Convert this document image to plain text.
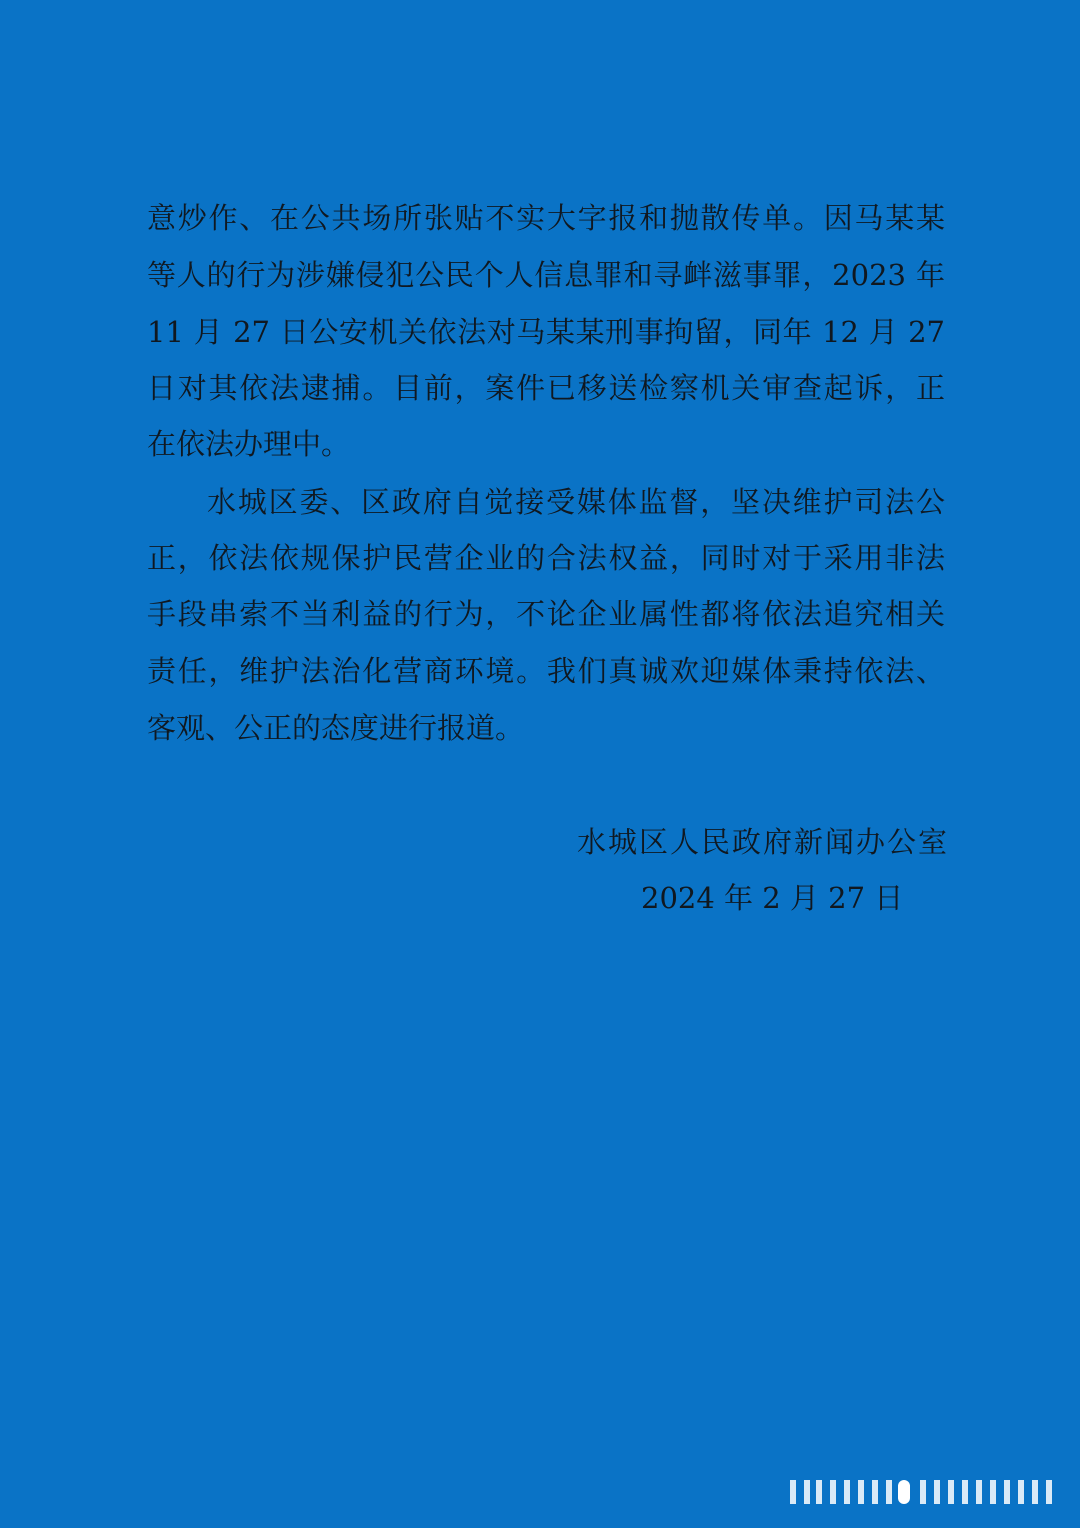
意炒作、在公共场所张贴不实大字报和抛散传单。因马某某
等人的行为涉嫌侵犯公民个人信息罪和寻衅滋事罪，2023 年
11 月 27 日公安机关依法对马某某刑事拘留，同年 12 月 27
日对其依法逮捕。目前，案件已移送检察机关审查起诉，正
在依法办理中。
水城区委、区政府自觉接受媒体监督，坚决维护司法公
正，依法依规保护民营企业的合法权益，同时对于采用非法
手段串索不当利益的行为，不论企业属性都将依法追究相关
责任，维护法治化营商环境。我们真诚欢迎媒体秉持依法、
客观、公正的态度进行报道。
水城区人民政府新闻办公室
2024 年 2 月 27 日
